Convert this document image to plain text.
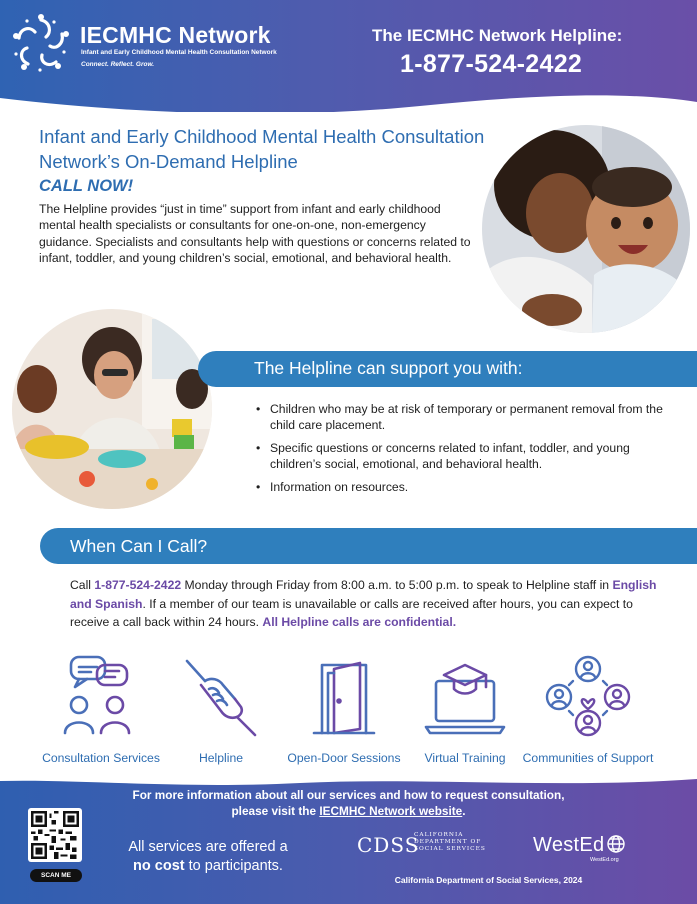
IECMHC Network
Infant and Early Childhood Mental Health Consultation Network
Connect. Reflect. Grow.
The IECMHC Network Helpline:
1-877-524-2422
Infant and Early Childhood Mental Health Consultation Network’s On-Demand Helpline
CALL NOW!
The Helpline provides “just in time” support from infant and early childhood mental health specialists or consultants for one-on-one, non-emergency guidance. Specialists and consultants help with questions or concerns related to infant, toddler, and young children’s social, emotional, and behavioral health.
The Helpline can support you with:
• Children who may be at risk of temporary or permanent removal from the child care placement.
• Specific questions or concerns related to infant, toddler, and young children’s social, emotional, and behavioral health.
• Information on resources.
When Can I Call?
Call 1-877-524-2422 Monday through Friday from 8:00 a.m. to 5:00 p.m. to speak to Helpline staff in English and Spanish. If a member of our team is unavailable or calls are received after hours, you can expect to receive a call back within 24 hours. All Helpline calls are confidential.
Consultation Services	Helpline	Open-Door Sessions	Virtual Training	Communities of Support
For more information about all our services and how to request consultation,
please visit the IECMHC Network website.
SCAN ME
All services are offered a
no cost to participants.
CDSS
CALIFORNIA
DEPARTMENT OF
SOCIAL SERVICES WestEd
WestEd.org
California Department of Social Services, 2024
